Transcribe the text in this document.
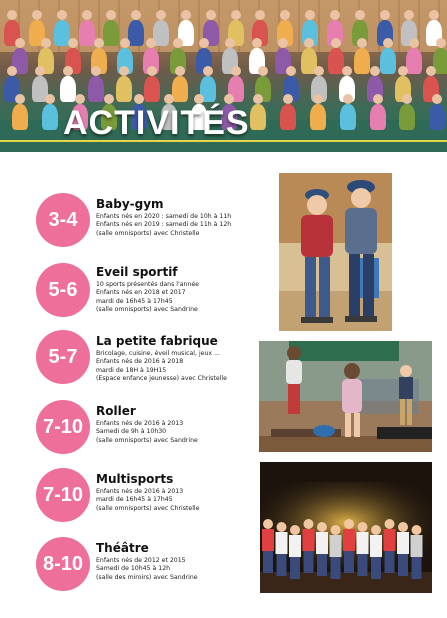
ACTIVITÉS
3-4
Baby-gym
Enfants nés en 2020 : samedi de 10h à 11h
Enfants nés en 2019 : samedi de 11h à 12h
(salle omnisports) avec Christelle
5-6
Eveil sportif
10 sports présentés dans l'année
Enfants nés en 2018 et 2017
mardi de 16h45 à 17h45
(salle omnisports) avec Sandrine
5-7
La petite fabrique
Bricolage, cuisine, éveil musical, jeux ...
Enfants nés de 2016 à 2018
mardi de 18H à 19H15
(Espace enfance jeunesse) avec Christelle
7-10
Roller
Enfants nés de 2016 à 2013
Samedi de 9h à 10h30
(salle omnisports) avec Sandrine
7-10
Multisports
Enfants nés de 2016 à 2013
mardi de 16h45 à 17h45
(salle omnisports) avec Christelle
8-10
Théâtre
Enfants nés de 2012 et 2015
Samedi de 10h45 à 12h
(salle des miroirs) avec Sandrine
